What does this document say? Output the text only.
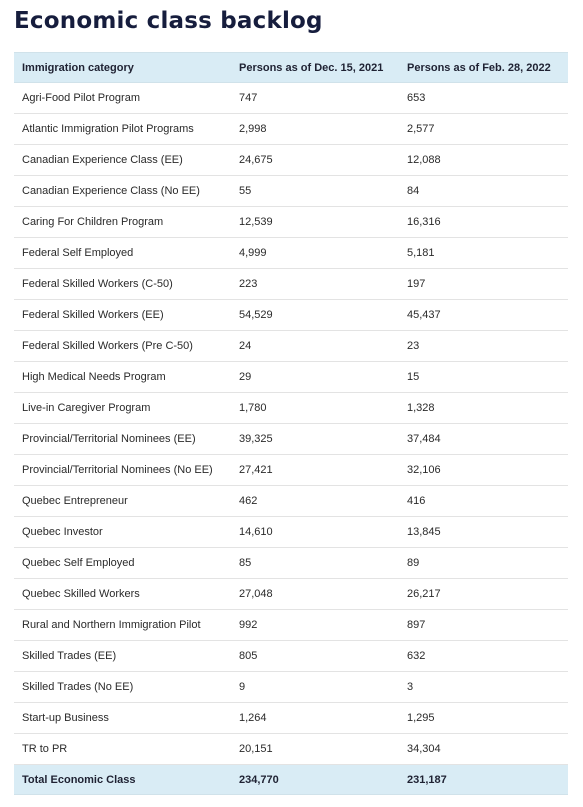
Economic class backlog
Immigration category	Persons as of Dec. 15, 2021	Persons as of Feb. 28, 2022
Agri-Food Pilot Program	747	653
Atlantic Immigration Pilot Programs	2,998	2,577
Canadian Experience Class (EE)	24,675	12,088
Canadian Experience Class (No EE)	55	84
Caring For Children Program	12,539	16,316
Federal Self Employed	4,999	5,181
Federal Skilled Workers (C-50)	223	197
Federal Skilled Workers (EE)	54,529	45,437
Federal Skilled Workers (Pre C-50)	24	23
High Medical Needs Program	29	15
Live-in Caregiver Program	1,780	1,328
Provincial/Territorial Nominees (EE)	39,325	37,484
Provincial/Territorial Nominees (No EE)	27,421	32,106
Quebec Entrepreneur	462	416
Quebec Investor	14,610	13,845
Quebec Self Employed	85	89
Quebec Skilled Workers	27,048	26,217
Rural and Northern Immigration Pilot	992	897
Skilled Trades (EE)	805	632
Skilled Trades (No EE)	9	3
Start-up Business	1,264	1,295
TR to PR	20,151	34,304
Total Economic Class	234,770	231,187
